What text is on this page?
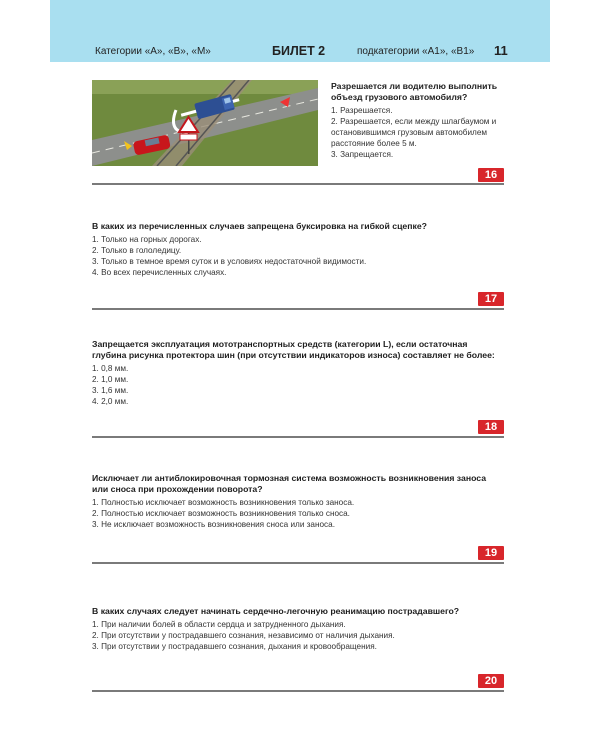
Категории «А», «В», «М»	БИЛЕТ 2	подкатегории «А1», «В1» 11

Разрешается ли водителю выполнить объезд грузового автомобиля?

1. Разрешается.

2. Разрешается, если между шлагбаумом и остановившимся грузовым автомобилем расстояние более 5 м.

3. Запрещается.

16

В каких из перечисленных случаев запрещена буксировка на гибкой сцепке?

1. Только на горных дорогах.

2. Только в гололедицу.

3. Только в темное время суток и в условиях недостаточной видимости.

4. Во всех перечисленных случаях.

17

Запрещается эксплуатация мототранспортных средств (категории L), если остаточная глубина рисунка протектора шин (при отсутствии индикаторов износа) составляет не более:

1. 0,8 мм.

2. 1,0 мм.

3. 1,6 мм.

4. 2,0 мм.

18

Исключает ли антиблокировочная тормозная система возможность возникновения заноса или сноса при прохождении поворота?

1. Полностью исключает возможность возникновения только заноса.

2. Полностью исключает возможность возникновения только сноса.

3. Не исключает возможность возникновения сноса или заноса.

19

В каких случаях следует начинать сердечно-легочную реанимацию пострадавшего?

1. При наличии болей в области сердца и затрудненного дыхания.

2. При отсутствии у пострадавшего сознания, независимо от наличия дыхания.

3. При отсутствии у пострадавшего сознания, дыхания и кровообращения.

20
